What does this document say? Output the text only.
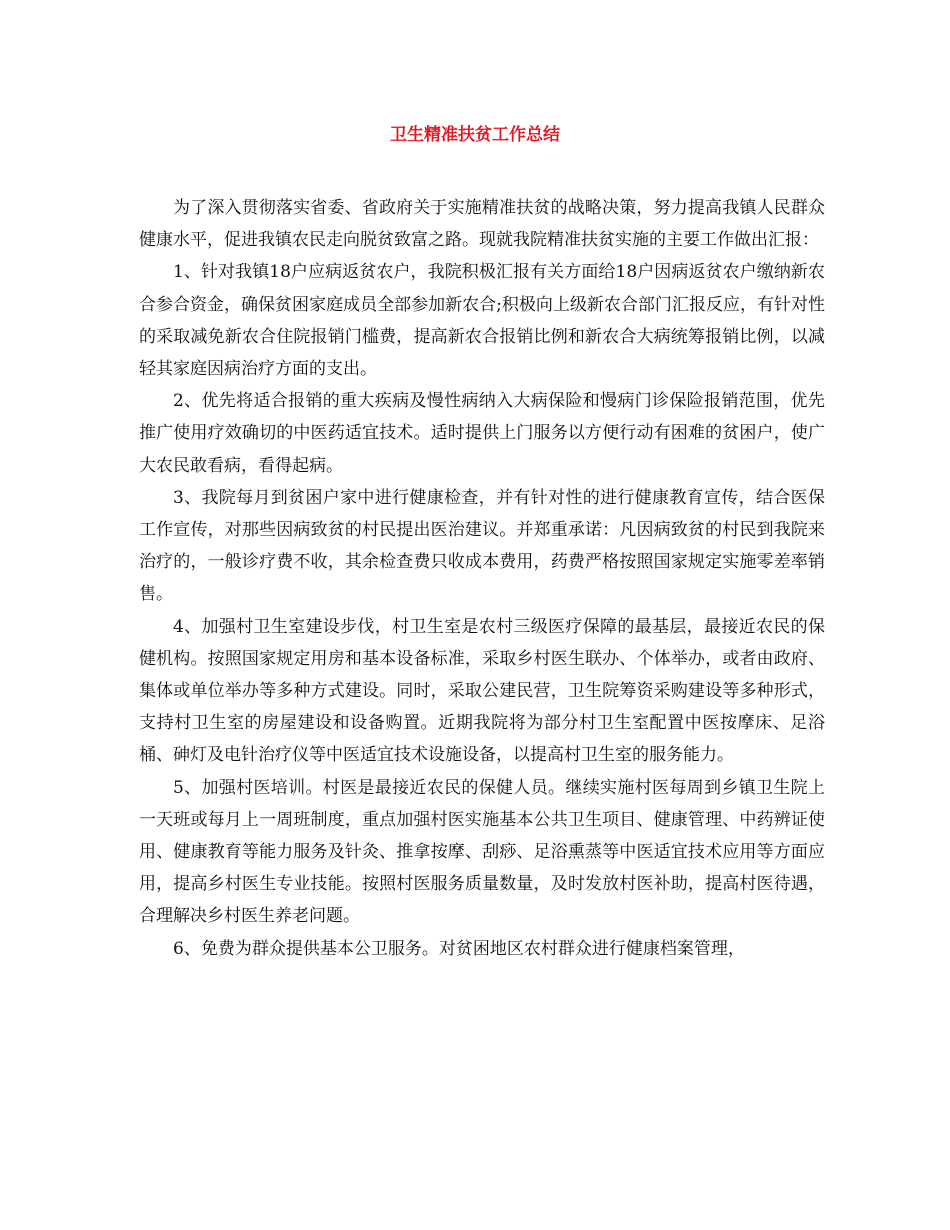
卫生精准扶贫工作总结

为了深入贯彻落实省委、省政府关于实施精准扶贫的战略决策，努力提高我镇人民群众健康水平，促进我镇农民走向脱贫致富之路。现就我院精准扶贫实施的主要工作做出汇报：

1、针对我镇18户应病返贫农户，我院积极汇报有关方面给18户因病返贫农户缴纳新农合参合资金，确保贫困家庭成员全部参加新农合;积极向上级新农合部门汇报反应，有针对性的采取减免新农合住院报销门槛费，提高新农合报销比例和新农合大病统筹报销比例，以减轻其家庭因病治疗方面的支出。

2、优先将适合报销的重大疾病及慢性病纳入大病保险和慢病门诊保险报销范围，优先推广使用疗效确切的中医药适宜技术。适时提供上门服务以方便行动有困难的贫困户，使广大农民敢看病，看得起病。

3、我院每月到贫困户家中进行健康检查，并有针对性的进行健康教育宣传，结合医保工作宣传，对那些因病致贫的村民提出医治建议。并郑重承诺：凡因病致贫的村民到我院来治疗的，一般诊疗费不收，其余检查费只收成本费用，药费严格按照国家规定实施零差率销售。

4、加强村卫生室建设步伐，村卫生室是农村三级医疗保障的最基层，最接近农民的保健机构。按照国家规定用房和基本设备标准，采取乡村医生联办、个体举办，或者由政府、集体或单位举办等多种方式建设。同时，采取公建民营，卫生院筹资采购建设等多种形式，支持村卫生室的房屋建设和设备购置。近期我院将为部分村卫生室配置中医按摩床、足浴桶、砷灯及电针治疗仪等中医适宜技术设施设备，以提高村卫生室的服务能力。

5、加强村医培训。村医是最接近农民的保健人员。继续实施村医每周到乡镇卫生院上一天班或每月上一周班制度，重点加强村医实施基本公共卫生项目、健康管理、中药辨证使用、健康教育等能力服务及针灸、推拿按摩、刮痧、足浴熏蒸等中医适宜技术应用等方面应用，提高乡村医生专业技能。按照村医服务质量数量，及时发放村医补助，提高村医待遇，合理解决乡村医生养老问题。

6、免费为群众提供基本公卫服务。对贫困地区农村群众进行健康档案管理，
